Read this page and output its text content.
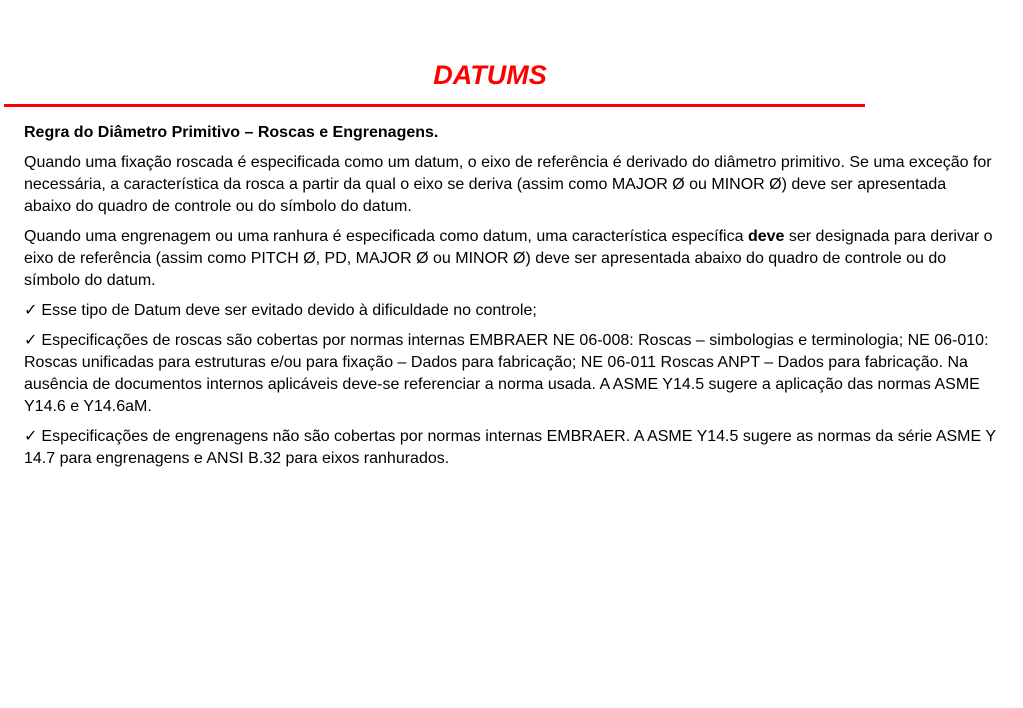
DATUMS

Regra do Diâmetro Primitivo – Roscas e Engrenagens.

Quando uma fixação roscada é especificada como um datum, o eixo de referência é derivado do diâmetro primitivo. Se uma exceção for necessária, a característica da rosca a partir da qual o eixo se deriva (assim como MAJOR Ø ou MINOR Ø) deve ser apresentada abaixo do quadro de controle ou do símbolo do datum.

Quando uma engrenagem ou uma ranhura é especificada como datum, uma característica específica deve ser designada para derivar o eixo de referência (assim como PITCH Ø, PD, MAJOR Ø ou MINOR Ø) deve ser apresentada abaixo do quadro de controle ou do símbolo do datum.

✓ Esse tipo de Datum deve ser evitado devido à dificuldade no controle;

✓ Especificações de roscas são cobertas por normas internas EMBRAER NE 06-008: Roscas – simbologias e terminologia; NE 06-010: Roscas unificadas para estruturas e/ou para fixação – Dados para fabricação; NE 06-011 Roscas ANPT – Dados para fabricação. Na ausência de documentos internos aplicáveis deve-se referenciar a norma usada. A ASME Y14.5 sugere a aplicação das normas ASME Y14.6 e Y14.6aM.

✓ Especificações de engrenagens não são cobertas por normas internas EMBRAER. A ASME Y14.5 sugere as normas da série ASME Y 14.7 para engrenagens e ANSI B.32 para eixos ranhurados.
